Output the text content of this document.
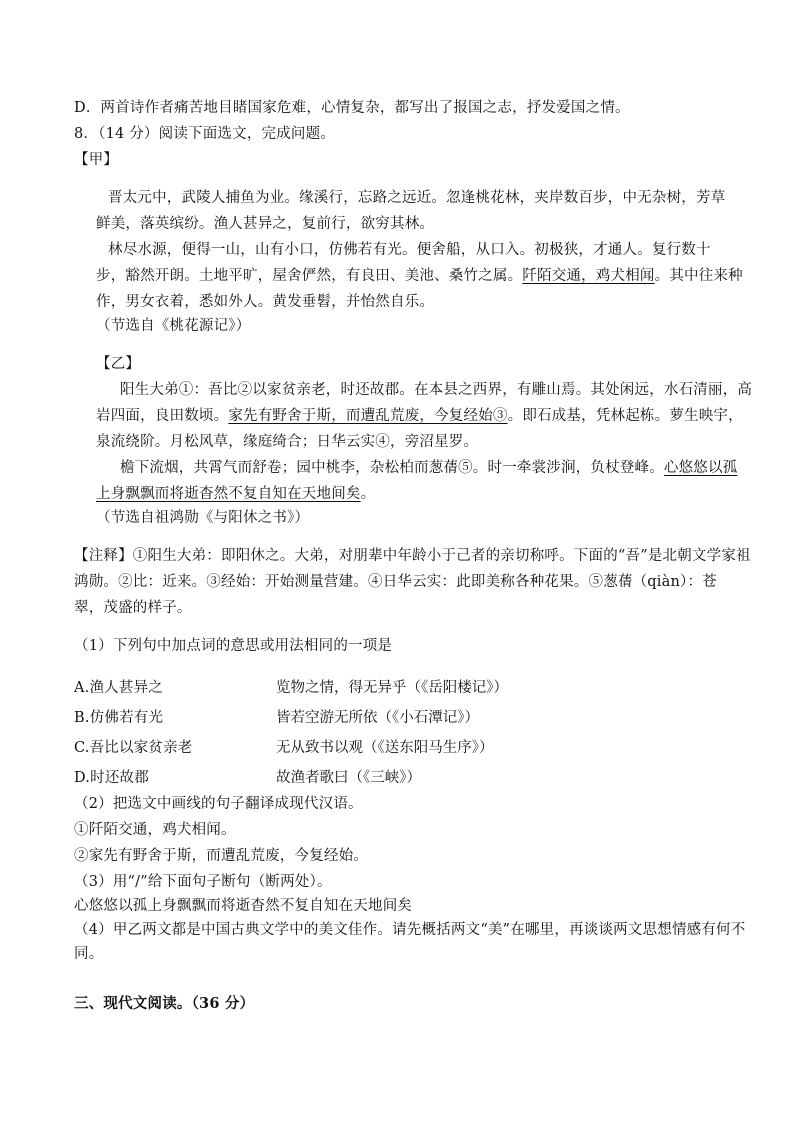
D．两首诗作者痛苦地目睹国家危难，心情复杂，都写出了报国之志，抒发爱国之情。
8．（14 分）阅读下面选文，完成问题。
【甲】
晋太元中，武陵人捕鱼为业。缘溪行，忘路之远近。忽逢桃花林，夹岸数百步，中无杂树，芳草
鲜美，落英缤纷。渔人甚异之，复前行，欲穷其林。
林尽水源，便得一山，山有小口，仿佛若有光。便舍船，从口入。初极狭，才通人。复行数十
步，豁然开朗。土地平旷，屋舍俨然，有良田、美池、桑竹之属。阡陌交通，鸡犬相闻。其中往来种
作，男女衣着，悉如外人。黄发垂髫，并怡然自乐。
（节选自《桃花源记》）
【乙】
阳生大弟①：吾比②以家贫亲老，时还故郡。在本县之西界，有雕山焉。其处闲远，水石清丽，高
岩四面，良田数顷。家先有野舍于斯，而遭乱荒废，今复经始③。即石成基，凭林起栋。萝生映宇，
泉流绕阶。月松风草，缘庭绮合；日华云实④，旁沼星罗。
檐下流烟，共霄气而舒卷；园中桃李，杂松柏而葱蒨⑤。时一牵裳涉涧，负杖登峰。心悠悠以孤
上身飘飘而将逝杳然不复自知在天地间矣。
（节选自祖鸿勋《与阳休之书》）
【注释】①阳生大弟：即阳休之。大弟，对朋辈中年龄小于己者的亲切称呼。下面的“吾”是北朝文学家祖
鸿勋。②比：近来。③经始：开始测量营建。④日华云实：此即美称各种花果。⑤葱蒨（qiàn）：苍
翠，茂盛的样子。
（1）下列句中加点词的意思或用法相同的一项是
A.渔人甚异之	览物之情，得无异乎（《岳阳楼记》）
B.仿佛若有光	皆若空游无所依（《小石潭记》）
C.吾比以家贫亲老	无从致书以观（《送东阳马生序》）
D.时还故郡	故渔者歌曰（《三峡》）
（2）把选文中画线的句子翻译成现代汉语。
①阡陌交通，鸡犬相闻。
②家先有野舍于斯，而遭乱荒废，今复经始。
（3）用“/”给下面句子断句（断两处）。
心悠悠以孤上身飘飘而将逝杳然不复自知在天地间矣
（4）甲乙两文都是中国古典文学中的美文佳作。请先概括两文“美”在哪里，再谈谈两文思想情感有何不
同。
三、现代文阅读。（36 分）
